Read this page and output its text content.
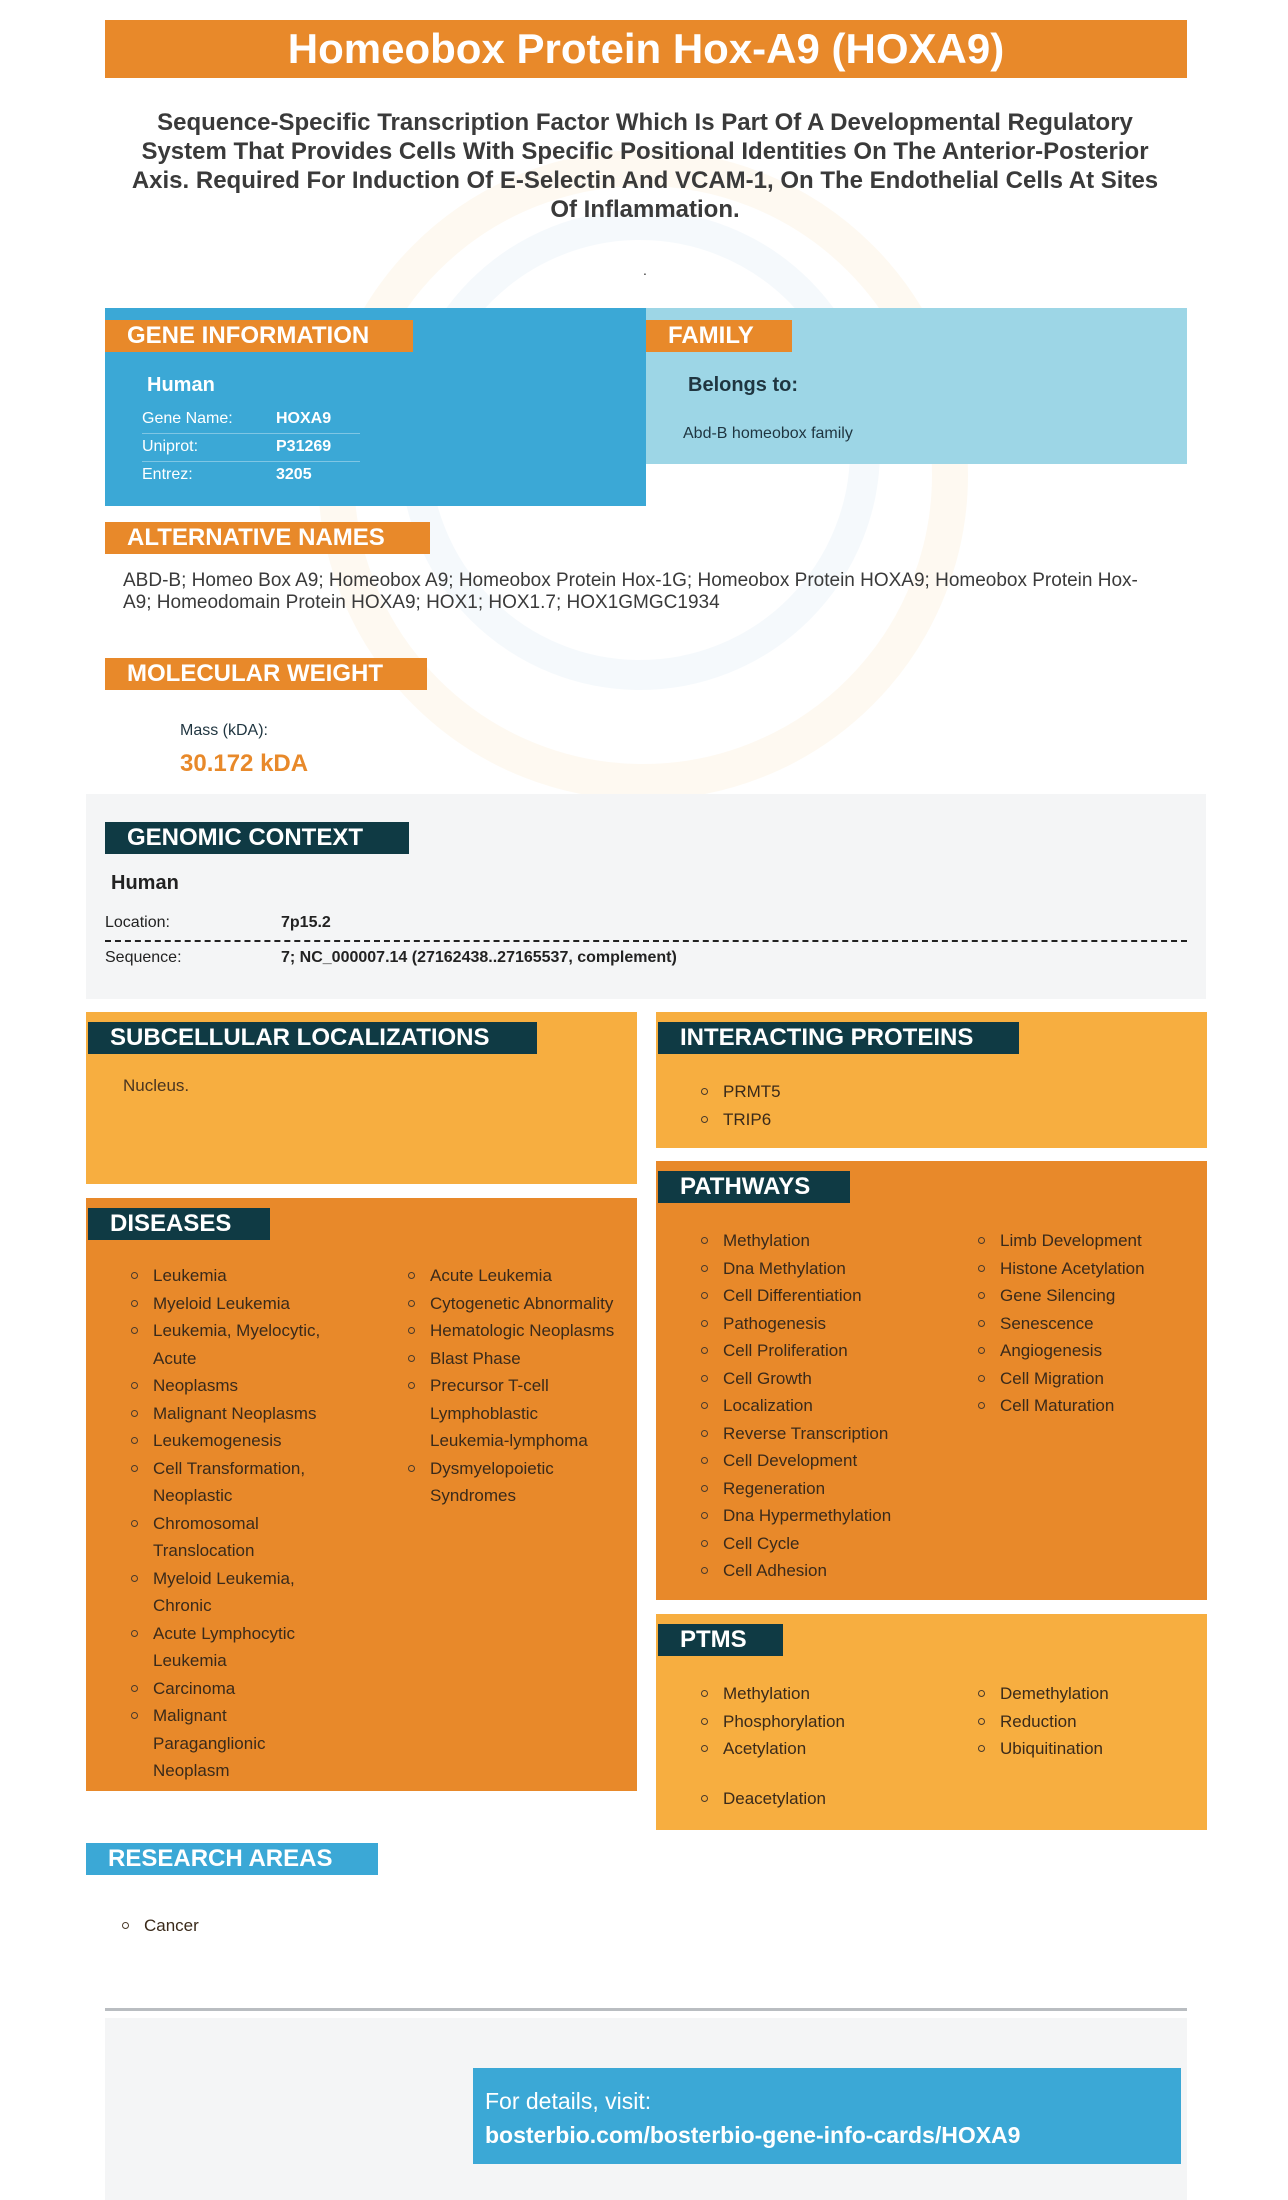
Homeobox Protein Hox-A9 (HOXA9)
Sequence-Specific Transcription Factor Which Is Part Of A Developmental Regulatory System That Provides Cells With Specific Positional Identities On The Anterior-Posterior Axis. Required For Induction Of E-Selectin And VCAM-1, On The Endothelial Cells At Sites Of Inflammation.
.
GENE INFORMATION
Human
Gene Name:	HOXA9
Uniprot:	P31269
Entrez:	3205
FAMILY
Belongs to:
Abd-B homeobox family
ALTERNATIVE NAMES
ABD-B; Homeo Box A9; Homeobox A9; Homeobox Protein Hox-1G; Homeobox Protein HOXA9; Homeobox Protein Hox-A9; Homeodomain Protein HOXA9; HOX1; HOX1.7; HOX1GMGC1934
MOLECULAR WEIGHT
Mass (kDA):
30.172 kDA
GENOMIC CONTEXT
Human
Location:	7p15.2
Sequence:	7; NC_000007.14 (27162438..27165537, complement)
SUBCELLULAR LOCALIZATIONS
Nucleus.
INTERACTING PROTEINS
PRMT5
TRIP6
DISEASES
Leukemia
Myeloid Leukemia
Leukemia, Myelocytic, Acute
Neoplasms
Malignant Neoplasms
Leukemogenesis
Cell Transformation, Neoplastic
Chromosomal Translocation
Myeloid Leukemia, Chronic
Acute Lymphocytic Leukemia
Carcinoma
Malignant Paraganglionic Neoplasm
Acute Leukemia
Cytogenetic Abnormality
Hematologic Neoplasms
Blast Phase
Precursor T-cell Lymphoblastic Leukemia-lymphoma
Dysmyelopoietic Syndromes
PATHWAYS
Methylation
Dna Methylation
Cell Differentiation
Pathogenesis
Cell Proliferation
Cell Growth
Localization
Reverse Transcription
Cell Development
Regeneration
Dna Hypermethylation
Cell Cycle
Cell Adhesion
Limb Development
Histone Acetylation
Gene Silencing
Senescence
Angiogenesis
Cell Migration
Cell Maturation
PTMS
Methylation
Phosphorylation
Acetylation
Demethylation
Reduction
Ubiquitination
Deacetylation
RESEARCH AREAS
Cancer
For details, visit:
bosterbio.com/bosterbio-gene-info-cards/HOXA9
